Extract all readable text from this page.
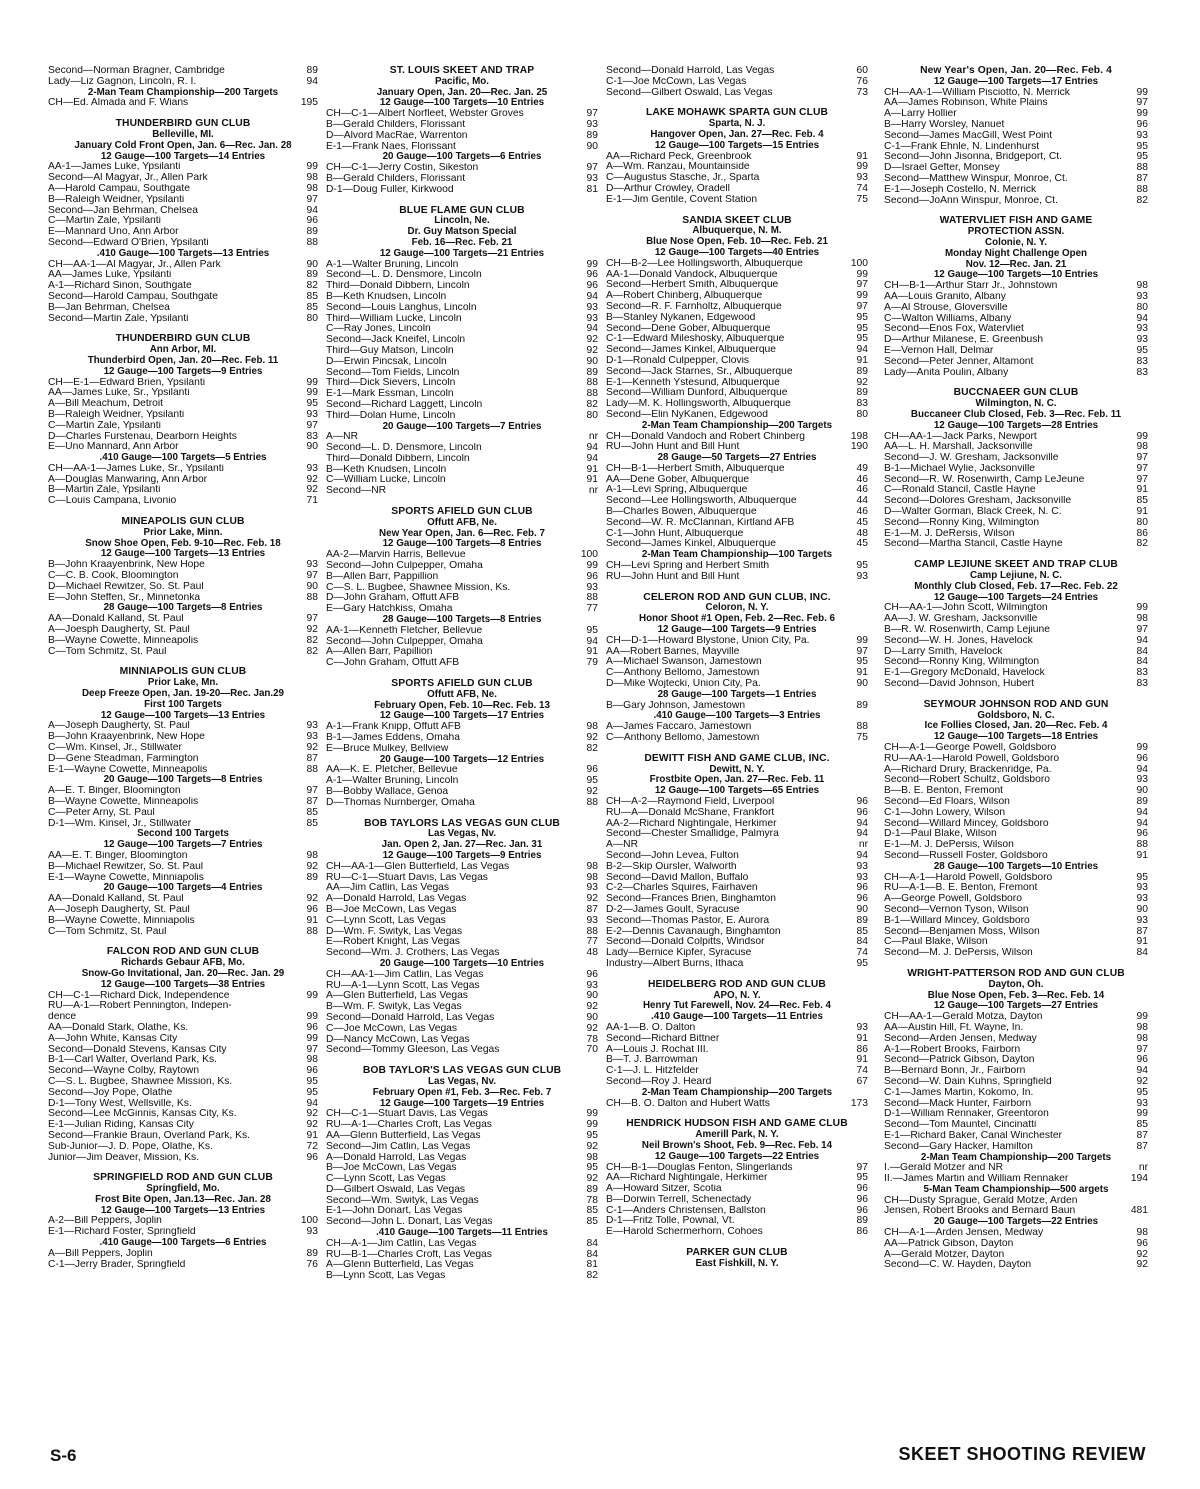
Second—Norman Bragner, Cambridge	89
Lady—Liz Gagnon, Lincoln, R. I.	94
2-Man Team Championship—200 Targets
CH—Ed. Almada and F. Wians	195
THUNDERBIRD GUN CLUB
Belleville, MI.
January Cold Front Open, Jan. 6—Rec. Jan. 28
12 Gauge—100 Targets—14 Entries
AA-1—James Luke, Ypsilanti	99
Second—Al Magyar, Jr., Allen Park	98
A—Harold Campau, Southgate	98
B—Raleigh Weidner, Ypsilanti	97
Second—Jan Behrman, Chelsea	94
C—Martin Zale, Ypsilanti	96
E—Mannard Uno, Ann Arbor	89
Second—Edward O'Brien, Ypsilanti	88
.410 Gauge—100 Targets—13 Entries
CH—AA-1—Al Magyar, Jr., Allen Park	90
AA—James Luke, Ypsilanti	89
A-1—Richard Sinon, Southgate	82
Second—Harold Campau, Southgate	85
B—Jan Behrman, Chelsea	85
Second—Martin Zale, Ypsilanti	80
THUNDERBIRD GUN CLUB
Ann Arbor, MI.
Thunderbird Open, Jan. 20—Rec. Feb. 11
12 Gauge—100 Targets—9 Entries
CH—E-1—Edward Brien, Ypsilanti	99
AA—James Luke, Sr., Ypsilanti	99
A—Bill Meachum, Detroit	95
B—Raleigh Weidner, Ypsilanti	93
C—Martin Zale, Ypsilanti	97
D—Charles Furstenau, Dearborn Heights	83
E—Uno Mannard, Ann Arbor	90
.410 Gauge—100 Targets—5 Entries
CH—AA-1—James Luke, Sr., Ypsilanti	93
A—Douglas Manwaring, Ann Arbor	92
B—Martin Zale, Ypsilanti	92
C—Louis Campana, Livonio	71
MINEAPOLIS GUN CLUB
Prior Lake, Minn.
Snow Shoe Open, Feb. 9-10—Rec. Feb. 18
12 Gauge—100 Targets—13 Entries
B—John Kraayenbrink, New Hope	93
C—C. B. Cook, Bloomington	97
D—Michael Rewitzer, So. St. Paul	90
E—John Steffen, Sr., Minnetonka	88
28 Gauge—100 Targets—8 Entries
AA—Donald Kalland, St. Paul	97
A—Joesph Daugherty, St. Paul	92
B—Wayne Cowette, Minneapolis	82
C—Tom Schmitz, St. Paul	82
MINNIAPOLIS GUN CLUB
Prior Lake, Mn.
Deep Freeze Open, Jan. 19-20—Rec. Jan.29
First 100 Targets
12 Gauge—100 Targets—13 Entries
A—Joseph Daugherty, St. Paul	93
B—John Kraayenbrink, New Hope	93
C—Wm. Kinsel, Jr., Stillwater	92
D—Gene Steadman, Farmington	87
E-1—Wayne Cowette, Minneapolis	88
20 Gauge—100 Targets—8 Entries
A—E. T. Binger, Bloomington	97
B—Wayne Cowette, Minneapolis	87
C—Peter Arny, St. Paul	85
D-1—Wm. Kinsel, Jr., Stillwater	85
Second 100 Targets
12 Gauge—100 Targets—7 Entries
AA—E. T. Binger, Bloomington	98
B—Michael Rewitzer, So. St. Paul	92
E-1—Wayne Cowette, Minniapolis	89
20 Gauge—100 Targets—4 Entries
AA—Donald Kalland, St. Paul	92
A—Joseph Daugherty, St. Paul	96
B—Wayne Cowette, Minniapolis	91
C—Tom Schmitz, St. Paul	88
FALCON ROD AND GUN CLUB
Richards Gebaur AFB, Mo.
Snow-Go Invitational, Jan. 20—Rec. Jan. 29
12 Gauge—100 Targets—38 Entries
CH—C-1—Richard Dick, Independence	99
RU—A-1—Robert Pennington, Indepen-
dence	99
AA—Donald Stark, Olathe, Ks.	96
A—John White, Kansas City	99
Second—Donald Stevens, Kansas City	97
B-1—Carl Walter, Overland Park, Ks.	98
Second—Wayne Colby, Raytown	96
C—S. L. Bugbee, Shawnee Mission, Ks.	95
Second—Joy Pope, Olathe	95
D-1—Tony West, Wellsville, Ks.	94
Second—Lee McGinnis, Kansas City, Ks.	92
E-1—Julian Riding, Kansas City	92
Second—Frankie Braun, Overland Park, Ks.	91
Sub-Junior—J. D. Pope, Olathe, Ks.	72
Junior—Jim Deaver, Mission, Ks.	96
SPRINGFIELD ROD AND GUN CLUB
Springfield, Mo.
Frost Bite Open, Jan.13—Rec. Jan. 28
12 Gauge—100 Targets—13 Entries
A-2—Bill Peppers, Joplin	100
E-1—Richard Foster, Springfield	93
.410 Gauge—100 Targets—6 Entries
A—Bill Peppers, Joplin	89
C-1—Jerry Brader, Springfield	76
ST. LOUIS SKEET AND TRAP
Pacific, Mo.
January Open, Jan. 20—Rec. Jan. 25
12 Gauge—100 Targets—10 Entries
CH—C-1—Albert Norfleet, Webster Groves	97
B—Gerald Childers, Florissant	93
D—Alvord MacRae, Warrenton	89
E-1—Frank Naes, Florissant	90
20 Gauge—100 Targets—6 Entries
CH—C-1—Jerry Costin, Sikeston	97
B—Gerald Childers, Florissant	93
D-1—Doug Fuller, Kirkwood	81
BLUE FLAME GUN CLUB
Lincoln, Ne.
Dr. Guy Matson Special
Feb. 16—Rec. Feb. 21
12 Gauge—100 Targets—21 Entries
A-1—Walter Bruning, Lincoln	99
Second—L. D. Densmore, Lincoln	96
Third—Donald Dibbern, Lincoln	96
B—Keth Knudsen, Lincoln	94
Second—Louis Langhus, Lincoln	93
Third—William Lucke, Lincoln	93
C—Ray Jones, Lincoln	94
Second—Jack Kneifel, Lincoln	92
Third—Guy Matson, Lincoln	92
D—Erwin Pincsak, Lincoln	90
Second—Tom Fields, Lincoln	89
Third—Dick Sievers, Lincoln	88
E-1—Mark Essman, Lincoln	88
Second—Richard Laggett, Lincoln	82
Third—Dolan Hume, Lincoln	80
20 Gauge—100 Targets—7 Entries
A—NR	nr
Second—L. D. Densmore, Lincoln	94
Third—Donald Dibbern, Lincoln	94
B—Keth Knudsen, Lincoln	91
C—William Lucke, Lincoln	91
Second—NR	nr
SPORTS AFIELD GUN CLUB
Offutt AFB, Ne.
New Year Open, Jan. 6—Rec. Feb. 7
12 Gauge—100 Targets—8 Entries
AA-2—Marvin Harris, Bellevue	100
Second—John Culpepper, Omaha	99
B—Allen Barr, Pappillion	96
C—S. L. Bugbee, Shawnee Mission, Ks.	93
D—John Graham, Offutt AFB	88
E—Gary Hatchkiss, Omaha	77
28 Gauge—100 Targets—8 Entries
AA-1—Kenneth Fletcher, Bellevue	95
Second—John Culpepper, Omaha	94
A—Allen Barr, Papillion	91
C—John Graham, Offutt AFB	79
SPORTS AFIELD GUN CLUB
Offutt AFB, Ne.
February Open, Feb. 10—Rec. Feb. 13
12 Gauge—100 Targets—17 Entries
A-1—Frank Knipp, Offutt AFB	98
B-1—James Eddens, Omaha	92
E—Bruce Mulkey, Bellview	82
20 Gauge—100 Targets—12 Entries
AA—K. E. Pletcher, Bellevue	96
A-1—Walter Bruning, Lincoln	95
B—Bobby Wallace, Genoa	92
D—Thomas Nurnberger, Omaha	88
BOB TAYLORS LAS VEGAS GUN CLUB
Las Vegas, Nv.
Jan. Open 2, Jan. 27—Rec. Jan. 31
12 Gauge—100 Targets—9 Entries
CH—AA-1—Glen Butterfield, Las Vegas	98
RU—C-1—Stuart Davis, Las Vegas	98
AA—Jim Catlin, Las Vegas	93
A—Donald Harrold, Las Vegas	92
B—Joe McCown, Las Vegas	87
C—Lynn Scott, Las Vegas	93
D—Wm. F. Swityk, Las Vegas	88
E—Robert Knight, Las Vegas	77
Second—Wm. J. Crothers, Las Vegas	48
20 Gauge—100 Targets—10 Entries
CH—AA-1—Jim Catlin, Las Vegas	96
RU—A-1—Lynn Scott, Las Vegas	93
A—Glen Butterfield, Las Vegas	90
B—Wm. F. Swityk, Las Vegas	92
Second—Donald Harrold, Las Vegas	90
C—Joe McCown, Las Vegas	92
D—Nancy McCown, Las Vegas	78
Second—Tommy Gleeson, Las Vegas	70
BOB TAYLOR'S LAS VEGAS GUN CLUB
Las Vegas, Nv.
February Open #1, Feb. 3—Rec. Feb. 7
12 Gauge—100 Targets—19 Entries
CH—C-1—Stuart Davis, Las Vegas	99
RU—A-1—Charles Croft, Las Vegas	99
AA—Glenn Butterfield, Las Vegas	95
Second—Jim Catlin, Las Vegas	92
A—Donald Harrold, Las Vegas	98
B—Joe McCown, Las Vegas	95
C—Lynn Scott, Las Vegas	92
D—Gilbert Oswald, Las Vegas	89
Second—Wm. Swityk, Las Vegas	78
E-1—John Donart, Las Vegas	85
Second—John L. Donart, Las Vegas	85
.410 Gauge—100 Targets—11 Entries
CH—A-1—Jim Catlin, Las Vegas	84
RU—B-1—Charles Croft, Las Vegas	84
A—Glenn Butterfield, Las Vegas	81
B—Lynn Scott, Las Vegas	82
Second—Donald Harrold, Las Vegas	60
C-1—Joe McCown, Las Vegas	76
Second—Gilbert Oswald, Las Vegas	73
LAKE MOHAWK SPARTA GUN CLUB
Sparta, N. J.
Hangover Open, Jan. 27—Rec. Feb. 4
12 Gauge—100 Targets—15 Entries
AA—Richard Peck, Greenbrook	91
A—Wm. Ranzau, Mountainside	99
C—Augustus Stasche, Jr., Sparta	93
D—Arthur Crowley, Oradell	74
E-1—Jim Gentile, Covent Station	75
SANDIA SKEET CLUB
Albuquerque, N. M.
Blue Nose Open, Feb. 10—Rec. Feb. 21
12 Gauge—100 Targets—40 Entries
CH—B-2—Lee Hollingsworth, Albuquerque	100
AA-1—Donald Vandock, Albuquerque	99
Second—Herbert Smith, Albuquerque	97
A—Robert Chinberg, Albuquerque	99
Second—R. F. Farnholtz, Albuquerque	97
B—Stanley Nykanen, Edgewood	95
Second—Dene Gober, Albuquerque	95
C-1—Edward Mileshosky, Albuquerque	95
Second—James Kinkel, Albuquerque	94
D-1—Ronald Culpepper, Clovis	91
Second—Jack Starnes, Sr., Albuquerque	89
E-1—Kenneth Ystesund, Albuquerque	92
Second—William Dunford, Albuquerque	89
Lady—M. K. Hollingsworth, Albuquerque	83
Second—Elin NyKanen, Edgewood	80
2-Man Team Championship—200 Targets
CH—Donald Vandoch and Robert Chinberg	198
RU—John Hunt and Bill Hunt	190
28 Gauge—50 Targets—27 Entries
CH—B-1—Herbert Smith, Albuquerque	49
AA—Dene Gober, Albuquerque	46
A-1—Levi Spring, Albuquerque	46
Second—Lee Hollingsworth, Albuquerque	44
B—Charles Bowen, Albuquerque	46
Second—W. R. McClannan, Kirtland AFB	45
C-1—John Hunt, Albuquerque	48
Second—James Kinkel, Albuquerque	45
2-Man Team Championship—100 Targets
CH—Levi Spring and Herbert Smith	95
RU—John Hunt and Bill Hunt	93
CELERON ROD AND GUN CLUB, INC.
Celoron, N. Y.
Honor Shoot #1 Open, Feb. 2—Rec. Feb. 6
12 Gauge—100 Targets—9 Entries
CH—D-1—Howard Blystone, Union City, Pa.	99
AA—Robert Barnes, Mayville	97
A—Michael Swanson, Jamestown	95
C—Anthony Bellomo, Jamestown	91
D—Mike Wojtecki, Union City, Pa.	90
28 Gauge—100 Targets—1 Entries
B—Gary Johnson, Jamestown	89
.410 Gauge—100 Targets—3 Entries
A—James Faccaro, Jamestown	88
C—Anthony Bellomo, Jamestown	75
DEWITT FISH AND GAME CLUB, INC.
Dewitt, N. Y.
Frostbite Open, Jan. 27—Rec. Feb. 11
12 Gauge—100 Targets—65 Entries
CH—A-2—Raymond Field, Liverpool	96
RU—A—Donald McShane, Frankfort	96
AA-2—Richard Nightingale, Herkimer	94
Second—Chester Smallidge, Palmyra	94
A—NR	nr
Second—John Levea, Fulton	94
B-2—Skip Oursler, Walworth	93
Second—David Mallon, Buffalo	93
C-2—Charles Squires, Fairhaven	96
Second—Frances Brien, Binghamton	96
D-2—James Goult, Syracuse	90
Second—Thomas Pastor, E. Aurora	89
E-2—Dennis Cavanaugh, Binghamton	85
Second—Donald Colpitts, Windsor	84
Lady—Bernice Kipfer, Syracuse	74
Industry—Albert Burns, Ithaca	95
HEIDELBERG ROD AND GUN CLUB
APO, N. Y.
Henry Tut Farewell, Nov. 24—Rec. Feb. 4
.410 Gauge—100 Targets—11 Entries
AA-1—B. O. Dalton	93
Second—Richard Bittner	91
A—Louis J. Rochat III.	86
B—T. J. Barrowman	91
C-1—J. L. Hitzfelder	74
Second—Roy J. Heard	67
2-Man Team Championship—200 Targets
CH—B. O. Dalton and Hubert Watts	173
HENDRICK HUDSON FISH AND GAME CLUB
Amerill Park, N. Y.
Neil Brown's Shoot, Feb. 9—Rec. Feb. 14
12 Gauge—100 Targets—22 Entries
CH—B-1—Douglas Fenton, Slingerlands	97
AA—Richard Nightingale, Herkimer	95
A—Howard Sitzer, Scotia	96
B—Dorwin Terrell, Schenectady	96
C-1—Anders Christensen, Ballston	96
D-1—Fritz Tolle, Pownal, Vt.	89
E—Harold Schermerhorn, Cohoes	86
PARKER GUN CLUB
East Fishkill, N. Y.
New Year's Open, Jan. 20—Rec. Feb. 4
12 Gauge—100 Targets—17 Entries
CH—AA-1—William Pisciotto, N. Merrick	99
AA—James Robinson, White Plains	97
A—Larry Hollier	99
B—Harry Worsley, Nanuet	96
Second—James MacGill, West Point	93
C-1—Frank Ehnle, N. Lindenhurst	95
Second—John Jisonna, Bridgeport, Ct.	95
D—Israel Gefter, Monsey	88
Second—Matthew Winspur, Monroe, Ct.	87
E-1—Joseph Costello, N. Merrick	88
Second—JoAnn Winspur, Monroe, Ct.	82
WATERVLIET FISH AND GAME
PROTECTION ASSN.
Colonie, N. Y.
Monday Night Challenge Open
Nov. 12—Rec. Jan. 21
12 Gauge—100 Targets—10 Entries
CH—B-1—Arthur Starr Jr., Johnstown	98
AA—Louis Granito, Albany	93
A—Al Strouse, Gloversville	80
C—Walton Williams, Albany	94
Second—Enos Fox, Watervliet	93
D—Arthur Milanese, E. Greenbush	93
E—Vernon Hall, Delmar	95
Second—Peter Jenner, Altamont	83
Lady—Anita Poulin, Albany	83
BUCCNAEER GUN CLUB
Wilmington, N. C.
Buccaneer Club Closed, Feb. 3—Rec. Feb. 11
12 Gauge—100 Targets—28 Entries
CH—AA-1—Jack Parks, Newport	99
AA—L. H. Marshall, Jacksonville	98
Second—J. W. Gresham, Jacksonville	97
B-1—Michael Wylie, Jacksonville	97
Second—R. W. Rosenwirth, Camp LeJeune	97
C—Ronald Stancil, Castle Hayne	91
Second—Dolores Gresham, Jacksonville	85
D—Walter Gorman, Black Creek, N. C.	91
Second—Ronny King, Wilmington	80
E-1—M. J. DeRersis, Wilson	86
Second—Martha Stancil, Castle Hayne	82
CAMP LEJIUNE SKEET AND TRAP CLUB
Camp Lejiune, N. C.
Monthly Club Closed, Feb. 17—Rec. Feb. 22
12 Gauge—100 Targets—24 Entries
CH—AA-1—John Scott, Wilmington	99
AA—J. W. Gresham, Jacksonville	98
B—R. W. Rosenwirth, Camp Lejiune	97
Second—W. H. Jones, Havelock	94
D—Larry Smith, Havelock	84
Second—Ronny King, Wilmington	84
E-1—Gregory McDonald, Havelock	83
Second—David Johnson, Hubert	83
SEYMOUR JOHNSON ROD AND GUN
Goldsboro, N. C.
Ice Follies Closed, Jan. 20—Rec. Feb. 4
12 Gauge—100 Targets—18 Entries
CH—A-1—George Powell, Goldsboro	99
RU—AA-1—Harold Powell, Goldsboro	96
A—Richard Drury, Brackenridge, Pa.	94
Second—Robert Schultz, Goldsboro	93
B—B. E. Benton, Fremont	90
Second—Ed Floars, Wilson	89
C-1—John Lowery, Wilson	94
Second—Willard Mincey, Goldsboro	94
D-1—Paul Blake, Wilson	96
E-1—M. J. DePersis, Wilson	88
Second—Russell Foster, Goldsboro	91
28 Gauge—100 Targets—10 Entries
CH—A-1—Harold Powell, Goldsboro	95
RU—A-1—B. E. Benton, Fremont	93
A—George Powell, Goldsboro	93
Second—Vernon Tyson, Wilson	90
B-1—Willard Mincey, Goldsboro	93
Second—Benjamen Moss, Wilson	87
C—Paul Blake, Wilson	91
Second—M. J. DePersis, Wilson	84
WRIGHT-PATTERSON ROD AND GUN CLUB
Dayton, Oh.
Blue Nose Open, Feb. 3—Rec. Feb. 14
12 Gauge—100 Targets—27 Entries
CH—AA-1—Gerald Motza, Dayton	99
AA—Austin Hill, Ft. Wayne, In.	98
Second—Arden Jensen, Medway	98
A-1—Robert Brooks, Fairborn	97
Second—Patrick Gibson, Dayton	96
B—Bernard Bonn, Jr., Fairborn	94
Second—W. Dain Kuhns, Springfield	92
C-1—James Martin, Kokomo, In.	95
Second—Mack Hunter, Fairborn	93
D-1—William Rennaker, Greentoron	99
Second—Tom Mauntel, Cincinatti	85
E-1—Richard Baker, Canal Winchester	87
Second—Gary Hacker, Hamilton	87
2-Man Team Championship—200 Targets
I.—Gerald Motzer and NR	nr
II.—James Martin and William Rennaker	194
5-Man Team Championship—500 argets
CH—Dusty Sprague, Gerald Motze, Arden
Jensen, Robert Brooks and Bernard Baun	481
20 Gauge—100 Targets—22 Entries
CH—A-1—Arden Jensen, Medway	98
AA—Patrick Gibson, Dayton	96
A—Gerald Motzer, Dayton	92
Second—C. W. Hayden, Dayton	92
S-6	SKEET SHOOTING REVIEW
